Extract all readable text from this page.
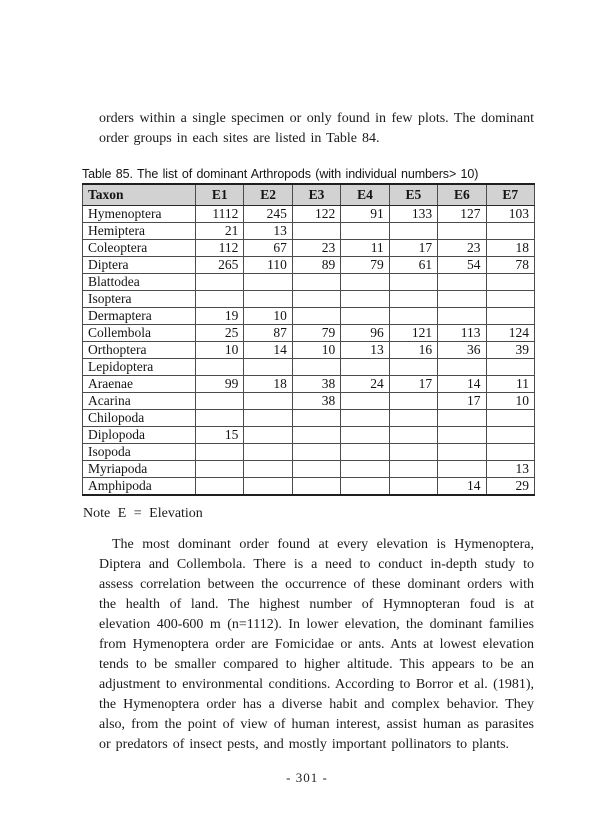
orders within a single specimen or only found in few plots. The dominant order groups in each sites are listed in Table 84.

Table 85. The list of dominant Arthropods (with individual numbers> 10)

Taxon	E1	E2	E3	E4	E5	E6	E7
Hymenoptera	1112	245	122	91	133	127	103
Hemiptera	21	13					
Coleoptera	112	67	23	11	17	23	18
Diptera	265	110	89	79	61	54	78
Blattodea							
Isoptera							
Dermaptera	19	10					
Collembola	25	87	79	96	121	113	124
Orthoptera	10	14	10	13	16	36	39
Lepidoptera							
Araenae	99	18	38	24	17	14	11
Acarina			38			17	10
Chilopoda							
Diplopoda	15						
Isopoda							
Myriapoda							13
Amphipoda						14	29

Note E = Elevation

The most dominant order found at every elevation is Hymenoptera, Diptera and Collembola. There is a need to conduct in-depth study to assess correlation between the occurrence of these dominant orders with the health of land. The highest number of Hymnopteran foud is at elevation 400-600 m (n=1112). In lower elevation, the dominant families from Hymenoptera order are Fomicidae or ants. Ants at lowest elevation tends to be smaller compared to higher altitude. This appears to be an adjustment to environmental conditions. According to Borror et al. (1981), the Hymenoptera order has a diverse habit and complex behavior. They also, from the point of view of human interest, assist human as parasites or predators of insect pests, and mostly important pollinators to plants.

- 301 -
